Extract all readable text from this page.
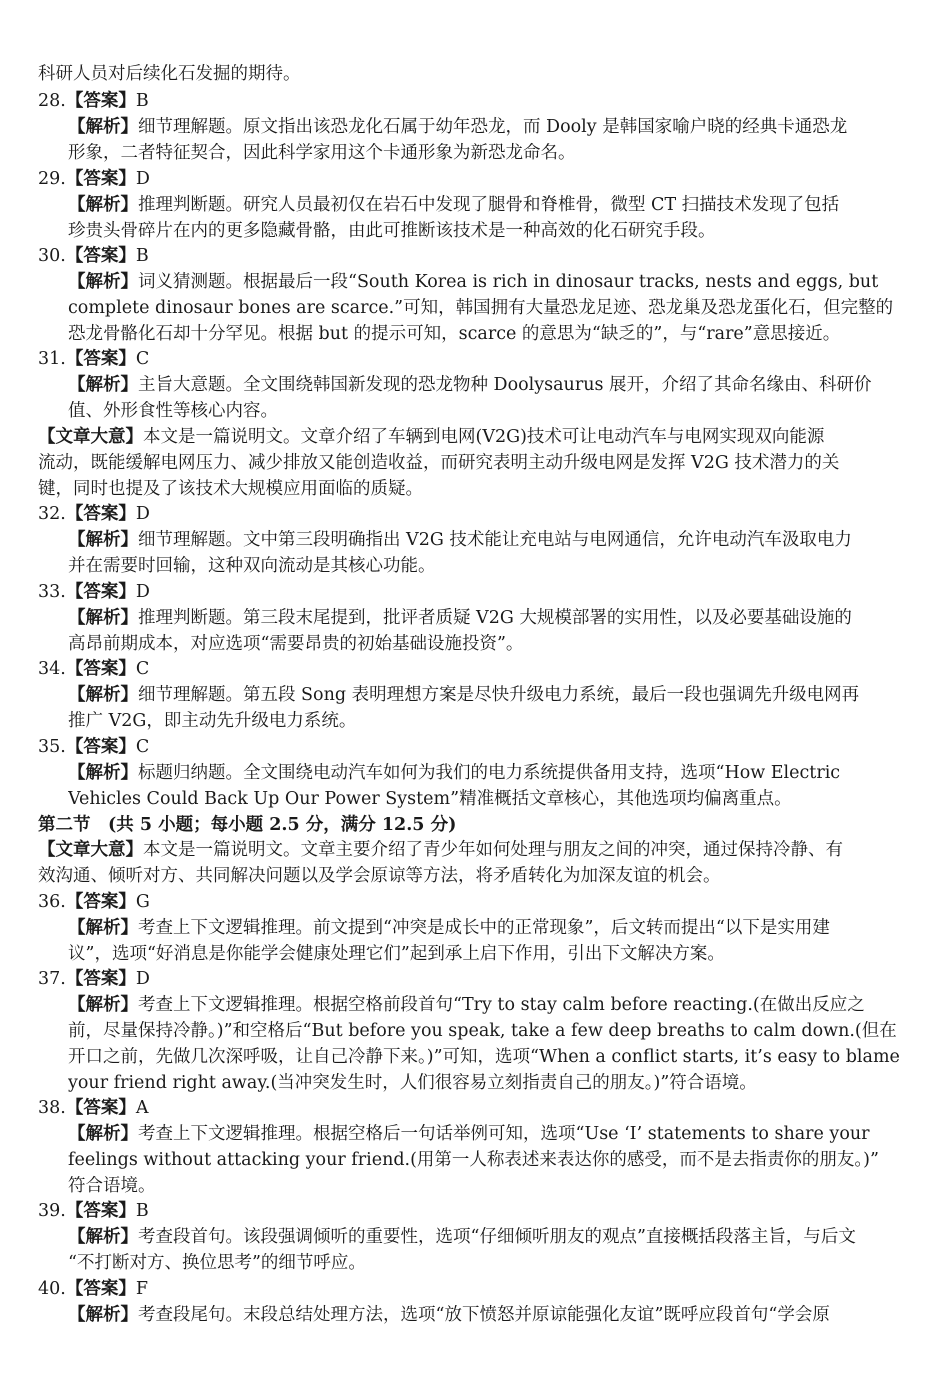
科研人员对后续化石发掘的期待。
28.【答案】B
【解析】细节理解题。原文指出该恐龙化石属于幼年恐龙，而 Dooly 是韩国家喻户晓的经典卡通恐龙
形象，二者特征契合，因此科学家用这个卡通形象为新恐龙命名。
29.【答案】D
【解析】推理判断题。研究人员最初仅在岩石中发现了腿骨和脊椎骨，微型 CT 扫描技术发现了包括
珍贵头骨碎片在内的更多隐藏骨骼，由此可推断该技术是一种高效的化石研究手段。
30.【答案】B
【解析】词义猜测题。根据最后一段“South Korea is rich in dinosaur tracks, nests and eggs, but
complete dinosaur bones are scarce.”可知，韩国拥有大量恐龙足迹、恐龙巢及恐龙蛋化石，但完整的
恐龙骨骼化石却十分罕见。根据 but 的提示可知，scarce 的意思为“缺乏的”，与“rare”意思接近。
31.【答案】C
【解析】主旨大意题。全文围绕韩国新发现的恐龙物种 Doolysaurus 展开，介绍了其命名缘由、科研价
值、外形食性等核心内容。
【文章大意】本文是一篇说明文。文章介绍了车辆到电网(V2G)技术可让电动汽车与电网实现双向能源
流动，既能缓解电网压力、减少排放又能创造收益，而研究表明主动升级电网是发挥 V2G 技术潜力的关
键，同时也提及了该技术大规模应用面临的质疑。
32.【答案】D
【解析】细节理解题。文中第三段明确指出 V2G 技术能让充电站与电网通信，允许电动汽车汲取电力
并在需要时回输，这种双向流动是其核心功能。
33.【答案】D
【解析】推理判断题。第三段末尾提到，批评者质疑 V2G 大规模部署的实用性，以及必要基础设施的
高昂前期成本，对应选项“需要昂贵的初始基础设施投资”。
34.【答案】C
【解析】细节理解题。第五段 Song 表明理想方案是尽快升级电力系统，最后一段也强调先升级电网再
推广 V2G，即主动先升级电力系统。
35.【答案】C
【解析】标题归纳题。全文围绕电动汽车如何为我们的电力系统提供备用支持，选项“How Electric
Vehicles Could Back Up Our Power System”精准概括文章核心，其他选项均偏离重点。
第二节　(共 5 小题；每小题 2.5 分，满分 12.5 分)
【文章大意】本文是一篇说明文。文章主要介绍了青少年如何处理与朋友之间的冲突，通过保持冷静、有
效沟通、倾听对方、共同解决问题以及学会原谅等方法，将矛盾转化为加深友谊的机会。
36.【答案】G
【解析】考查上下文逻辑推理。前文提到“冲突是成长中的正常现象”，后文转而提出“以下是实用建
议”，选项“好消息是你能学会健康处理它们”起到承上启下作用，引出下文解决方案。
37.【答案】D
【解析】考查上下文逻辑推理。根据空格前段首句“Try to stay calm before reacting.(在做出反应之
前，尽量保持冷静。)”和空格后“But before you speak, take a few deep breaths to calm down.(但在
开口之前，先做几次深呼吸，让自己冷静下来。)”可知，选项“When a conflict starts, it’s easy to blame
your friend right away.(当冲突发生时，人们很容易立刻指责自己的朋友。)”符合语境。
38.【答案】A
【解析】考查上下文逻辑推理。根据空格后一句话举例可知，选项“Use ‘I’ statements to share your
feelings without attacking your friend.(用第一人称表述来表达你的感受，而不是去指责你的朋友。)”
符合语境。
39.【答案】B
【解析】考查段首句。该段强调倾听的重要性，选项“仔细倾听朋友的观点”直接概括段落主旨，与后文
“不打断对方、换位思考”的细节呼应。
40.【答案】F
【解析】考查段尾句。末段总结处理方法，选项“放下愤怒并原谅能强化友谊”既呼应段首句“学会原
